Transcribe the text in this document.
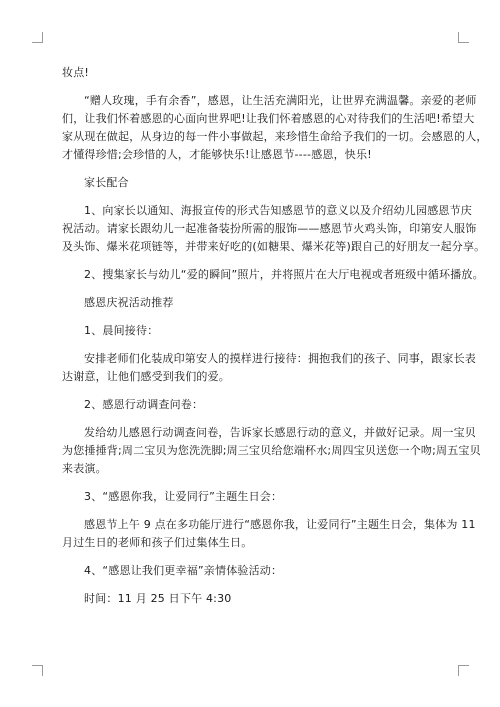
妆点!
“赠人玫瑰，手有余香”，感恩，让生活充满阳光，让世界充满温馨。亲爱的老师
们，让我们怀着感恩的心面向世界吧!让我们怀着感恩的心对待我们的生活吧!希望大
家从现在做起，从身边的每一件小事做起，来珍惜生命给予我们的一切。会感恩的人，
才懂得珍惜;会珍惜的人，才能够快乐!让感恩节----感恩，快乐!
家长配合
1、向家长以通知、海报宣传的形式告知感恩节的意义以及介绍幼儿园感恩节庆
祝活动。请家长跟幼儿一起准备装扮所需的服饰——感恩节火鸡头饰，印第安人服饰
及头饰、爆米花项链等，并带来好吃的(如糖果、爆米花等)跟自己的好朋友一起分享。
2、搜集家长与幼儿“爱的瞬间”照片，并将照片在大厅电视或者班级中循环播放。
感恩庆祝活动推荐
1、晨间接待：
安排老师们化装成印第安人的摸样进行接待：拥抱我们的孩子、同事，跟家长表
达谢意，让他们感受到我们的爱。
2、感恩行动调查问卷：
发给幼儿感恩行动调查问卷，告诉家长感恩行动的意义，并做好记录。周一宝贝
为您捶捶背;周二宝贝为您洗洗脚;周三宝贝给您端杯水;周四宝贝送您一个吻;周五宝贝
来表演。
3、“感恩你我，让爱同行”主题生日会：
感恩节上午 9 点在多功能厅进行“感恩你我，让爱同行”主题生日会，集体为 11
月过生日的老师和孩子们过集体生日。
4、“感恩让我们更幸福”亲情体验活动：
时间：11 月 25 日下午 4:30
